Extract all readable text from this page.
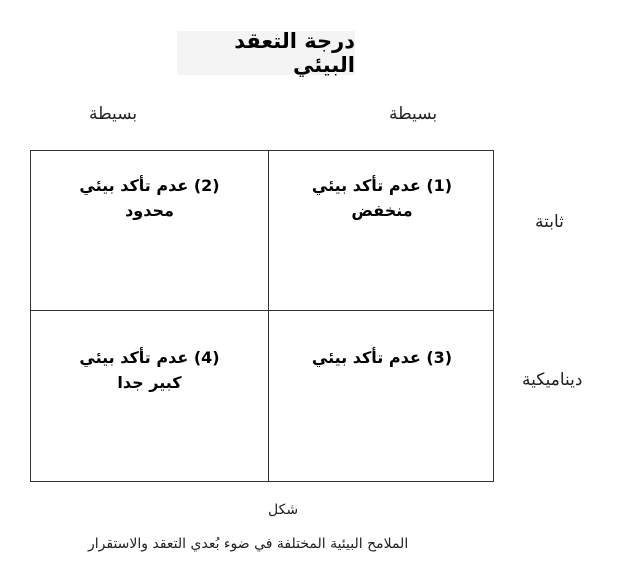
درجة التعقد البيئي
بسيطة
بسيطة
ثابتة
ديناميكية
(1) عدم تأكد بيئي
منخفض
(2) عدم تأكد بيئي
محدود
(3) عدم تأكد بيئي
(4) عدم تأكد بيئي
كبير جدا
شكل
الملامح البيئية المختلفة في ضوء بُعدي التعقد والاستقرار
